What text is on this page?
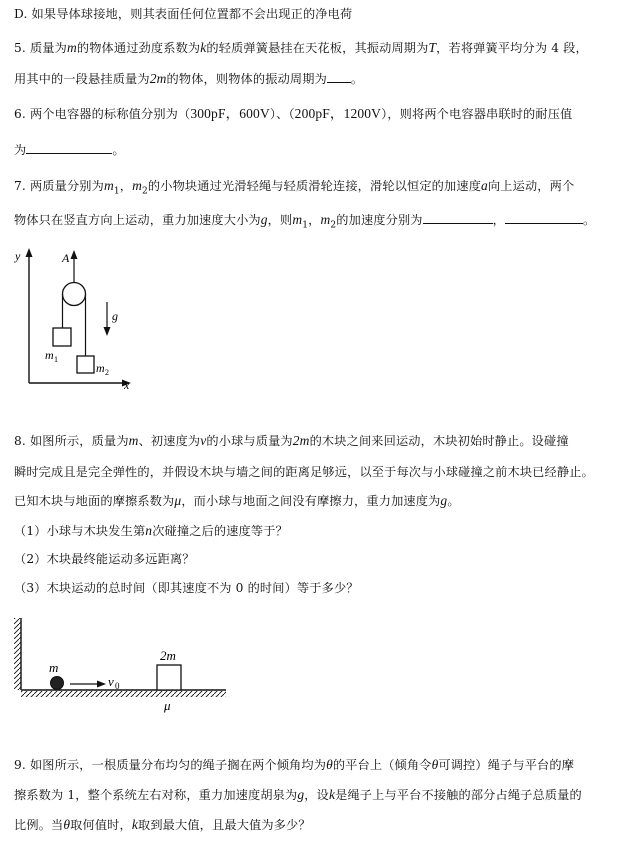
D. 如果导体球接地，则其表面任何位置都不会出现正的净电荷
5. 质量为m的物体通过劲度系数为k的轻质弹簧悬挂在天花板，其振动周期为T，若将弹簧平均分为 4 段，
用其中的一段悬挂质量为2m的物体，则物体的振动周期为 。
6. 两个电容器的标称值分别为（300pF，600V）、（200pF，1200V），则将两个电容器串联时的耐压值
为	。
7. 两质量分别为$m_1$，$m_2$的小物块通过光滑轻绳与轻质滑轮连接，滑轮以恒定的加速度a向上运动，两个
物体只在竖直方向上运动，重力加速度大小为g，则$m_1$，$m_2$的加速度分别为	，	。
y
x
A
g
m 1
m 2
8. 如图所示，质量为m、初速度为v的小球与质量为2m的木块之间来回运动，木块初始时静止。设碰撞
瞬时完成且是完全弹性的，并假设木块与墙之间的距离足够远，以至于每次与小球碰撞之前木块已经静止。
已知木块与地面的摩擦系数为μ，而小球与地面之间没有摩擦力，重力加速度为g。
（1）小球与木块发生第n次碰撞之后的速度等于？
（2）木块最终能运动多远距离？
（3）木块运动的总时间（即其速度不为 0 的时间）等于多少？
m
v 0
2m
μ
9. 如图所示，一根质量分布均匀的绳子搁在两个倾角均为θ的平台上（倾角令θ可调控）绳子与平台的摩
擦系数为 1，整个系统左右对称，重力加速度胡泉为g，设k是绳子上与平台不接触的部分占绳子总质量的
比例。当θ取何值时，k取到最大值，且最大值为多少？
